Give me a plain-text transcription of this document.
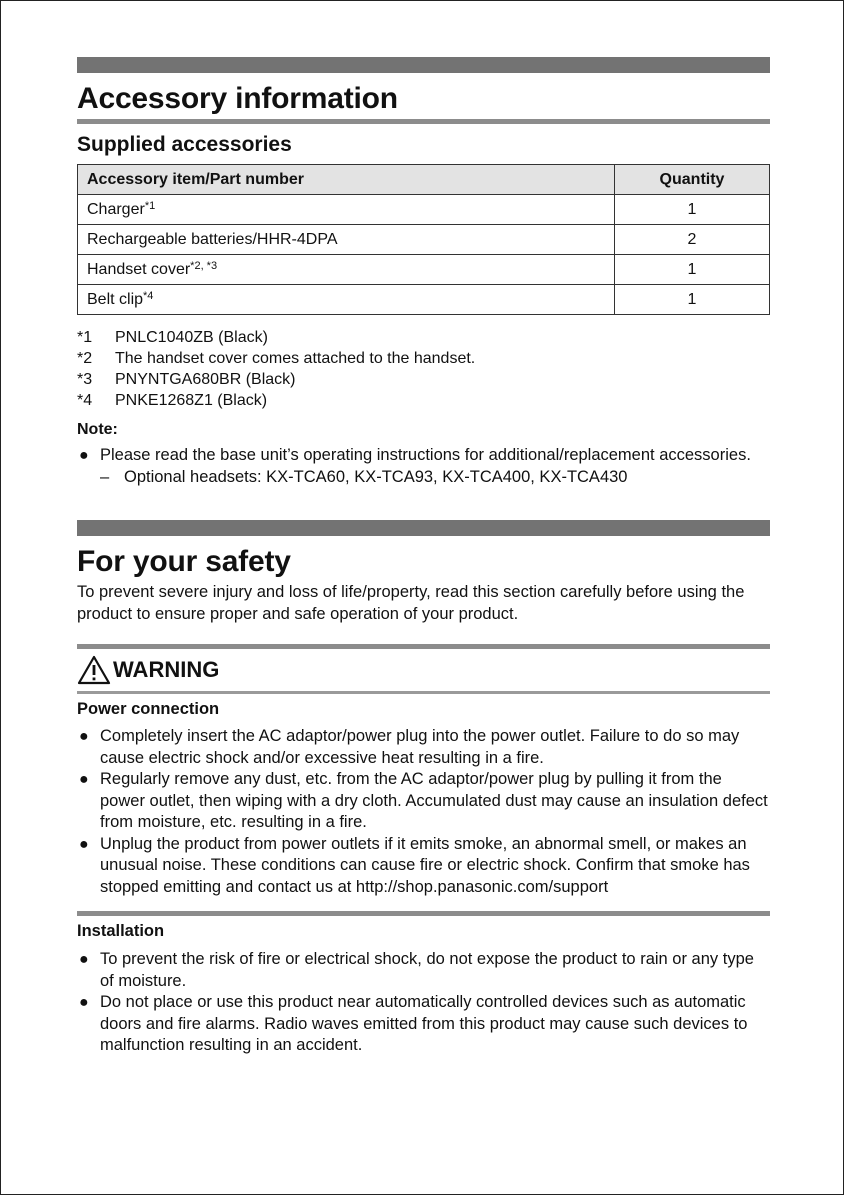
Accessory information
Supplied accessories
Accessory item/Part number	Quantity
Charger$^{*1}$	1
Rechargeable batteries/HHR-4DPA	2
Handset cover$^{*2, *3}$	1
Belt clip$^{*4}$	1
*1 PNLC1040ZB (Black)
*2 The handset cover comes attached to the handset.
*3 PNYNTGA680BR (Black)
*4 PNKE1268Z1 (Black)
Note:
● Please read the base unit’s operating instructions for additional/replacement accessories.
– Optional headsets: KX-TCA60, KX-TCA93, KX-TCA400, KX-TCA430
For your safety
To prevent severe injury and loss of life/property, read this section carefully before using the product to ensure proper and safe operation of your product.
WARNING
Power connection
● Completely insert the AC adaptor/power plug into the power outlet. Failure to do so may cause electric shock and/or excessive heat resulting in a fire.
● Regularly remove any dust, etc. from the AC adaptor/power plug by pulling it from the power outlet, then wiping with a dry cloth. Accumulated dust may cause an insulation defect from moisture, etc. resulting in a fire.
● Unplug the product from power outlets if it emits smoke, an abnormal smell, or makes an unusual noise. These conditions can cause fire or electric shock. Confirm that smoke has stopped emitting and contact us at http://shop.panasonic.com/support
Installation
● To prevent the risk of fire or electrical shock, do not expose the product to rain or any type of moisture.
● Do not place or use this product near automatically controlled devices such as automatic doors and fire alarms. Radio waves emitted from this product may cause such devices to malfunction resulting in an accident.
